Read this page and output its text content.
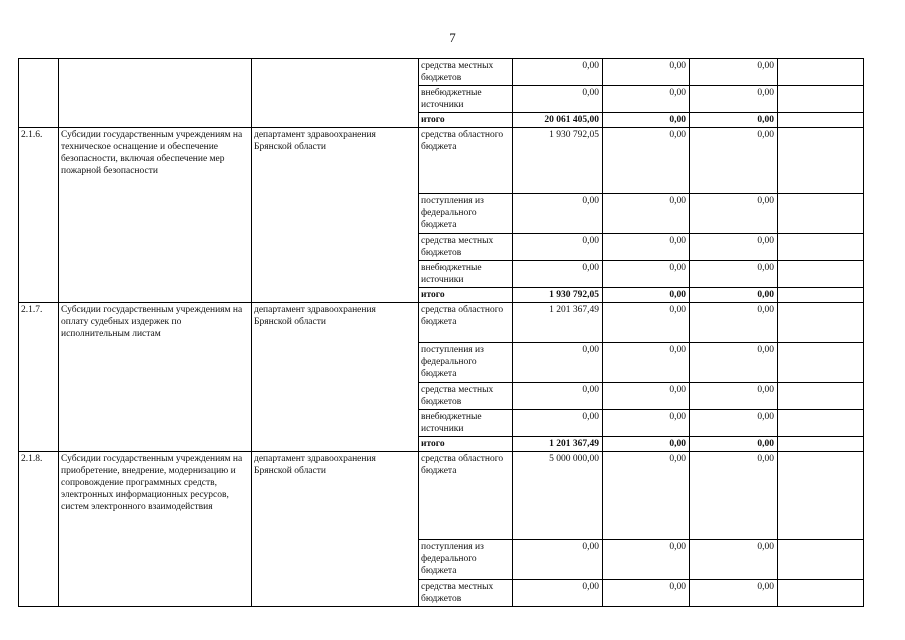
7
			средства местных бюджетов	0,00	0,00	0,00	
			внебюджетные источники	0,00	0,00	0,00	
			итого	20 061 405,00	0,00	0,00	
2.1.6.	Субсидии государственным учреждениям на техническое оснащение и обеспечение безопасности, включая обеспечение мер пожарной безопасности	департамент здравоохранения Брянской области	средства областного бюджета	1 930 792,05	0,00	0,00	
			поступления из федерального бюджета	0,00	0,00	0,00	
			средства местных бюджетов	0,00	0,00	0,00	
			внебюджетные источники	0,00	0,00	0,00	
			итого	1 930 792,05	0,00	0,00	
2.1.7.	Субсидии государственным учреждениям на оплату судебных издержек по исполнительным листам	департамент здравоохранения Брянской области	средства областного бюджета	1 201 367,49	0,00	0,00	
			поступления из федерального бюджета	0,00	0,00	0,00	
			средства местных бюджетов	0,00	0,00	0,00	
			внебюджетные источники	0,00	0,00	0,00	
			итого	1 201 367,49	0,00	0,00	
2.1.8.	Субсидии государственным учреждениям на приобретение, внедрение, модернизацию и сопровождение программных средств, электронных информационных ресурсов, систем электронного взаимодействия	департамент здравоохранения Брянской области	средства областного бюджета	5 000 000,00	0,00	0,00	
			поступления из федерального бюджета	0,00	0,00	0,00	
			средства местных бюджетов	0,00	0,00	0,00	
